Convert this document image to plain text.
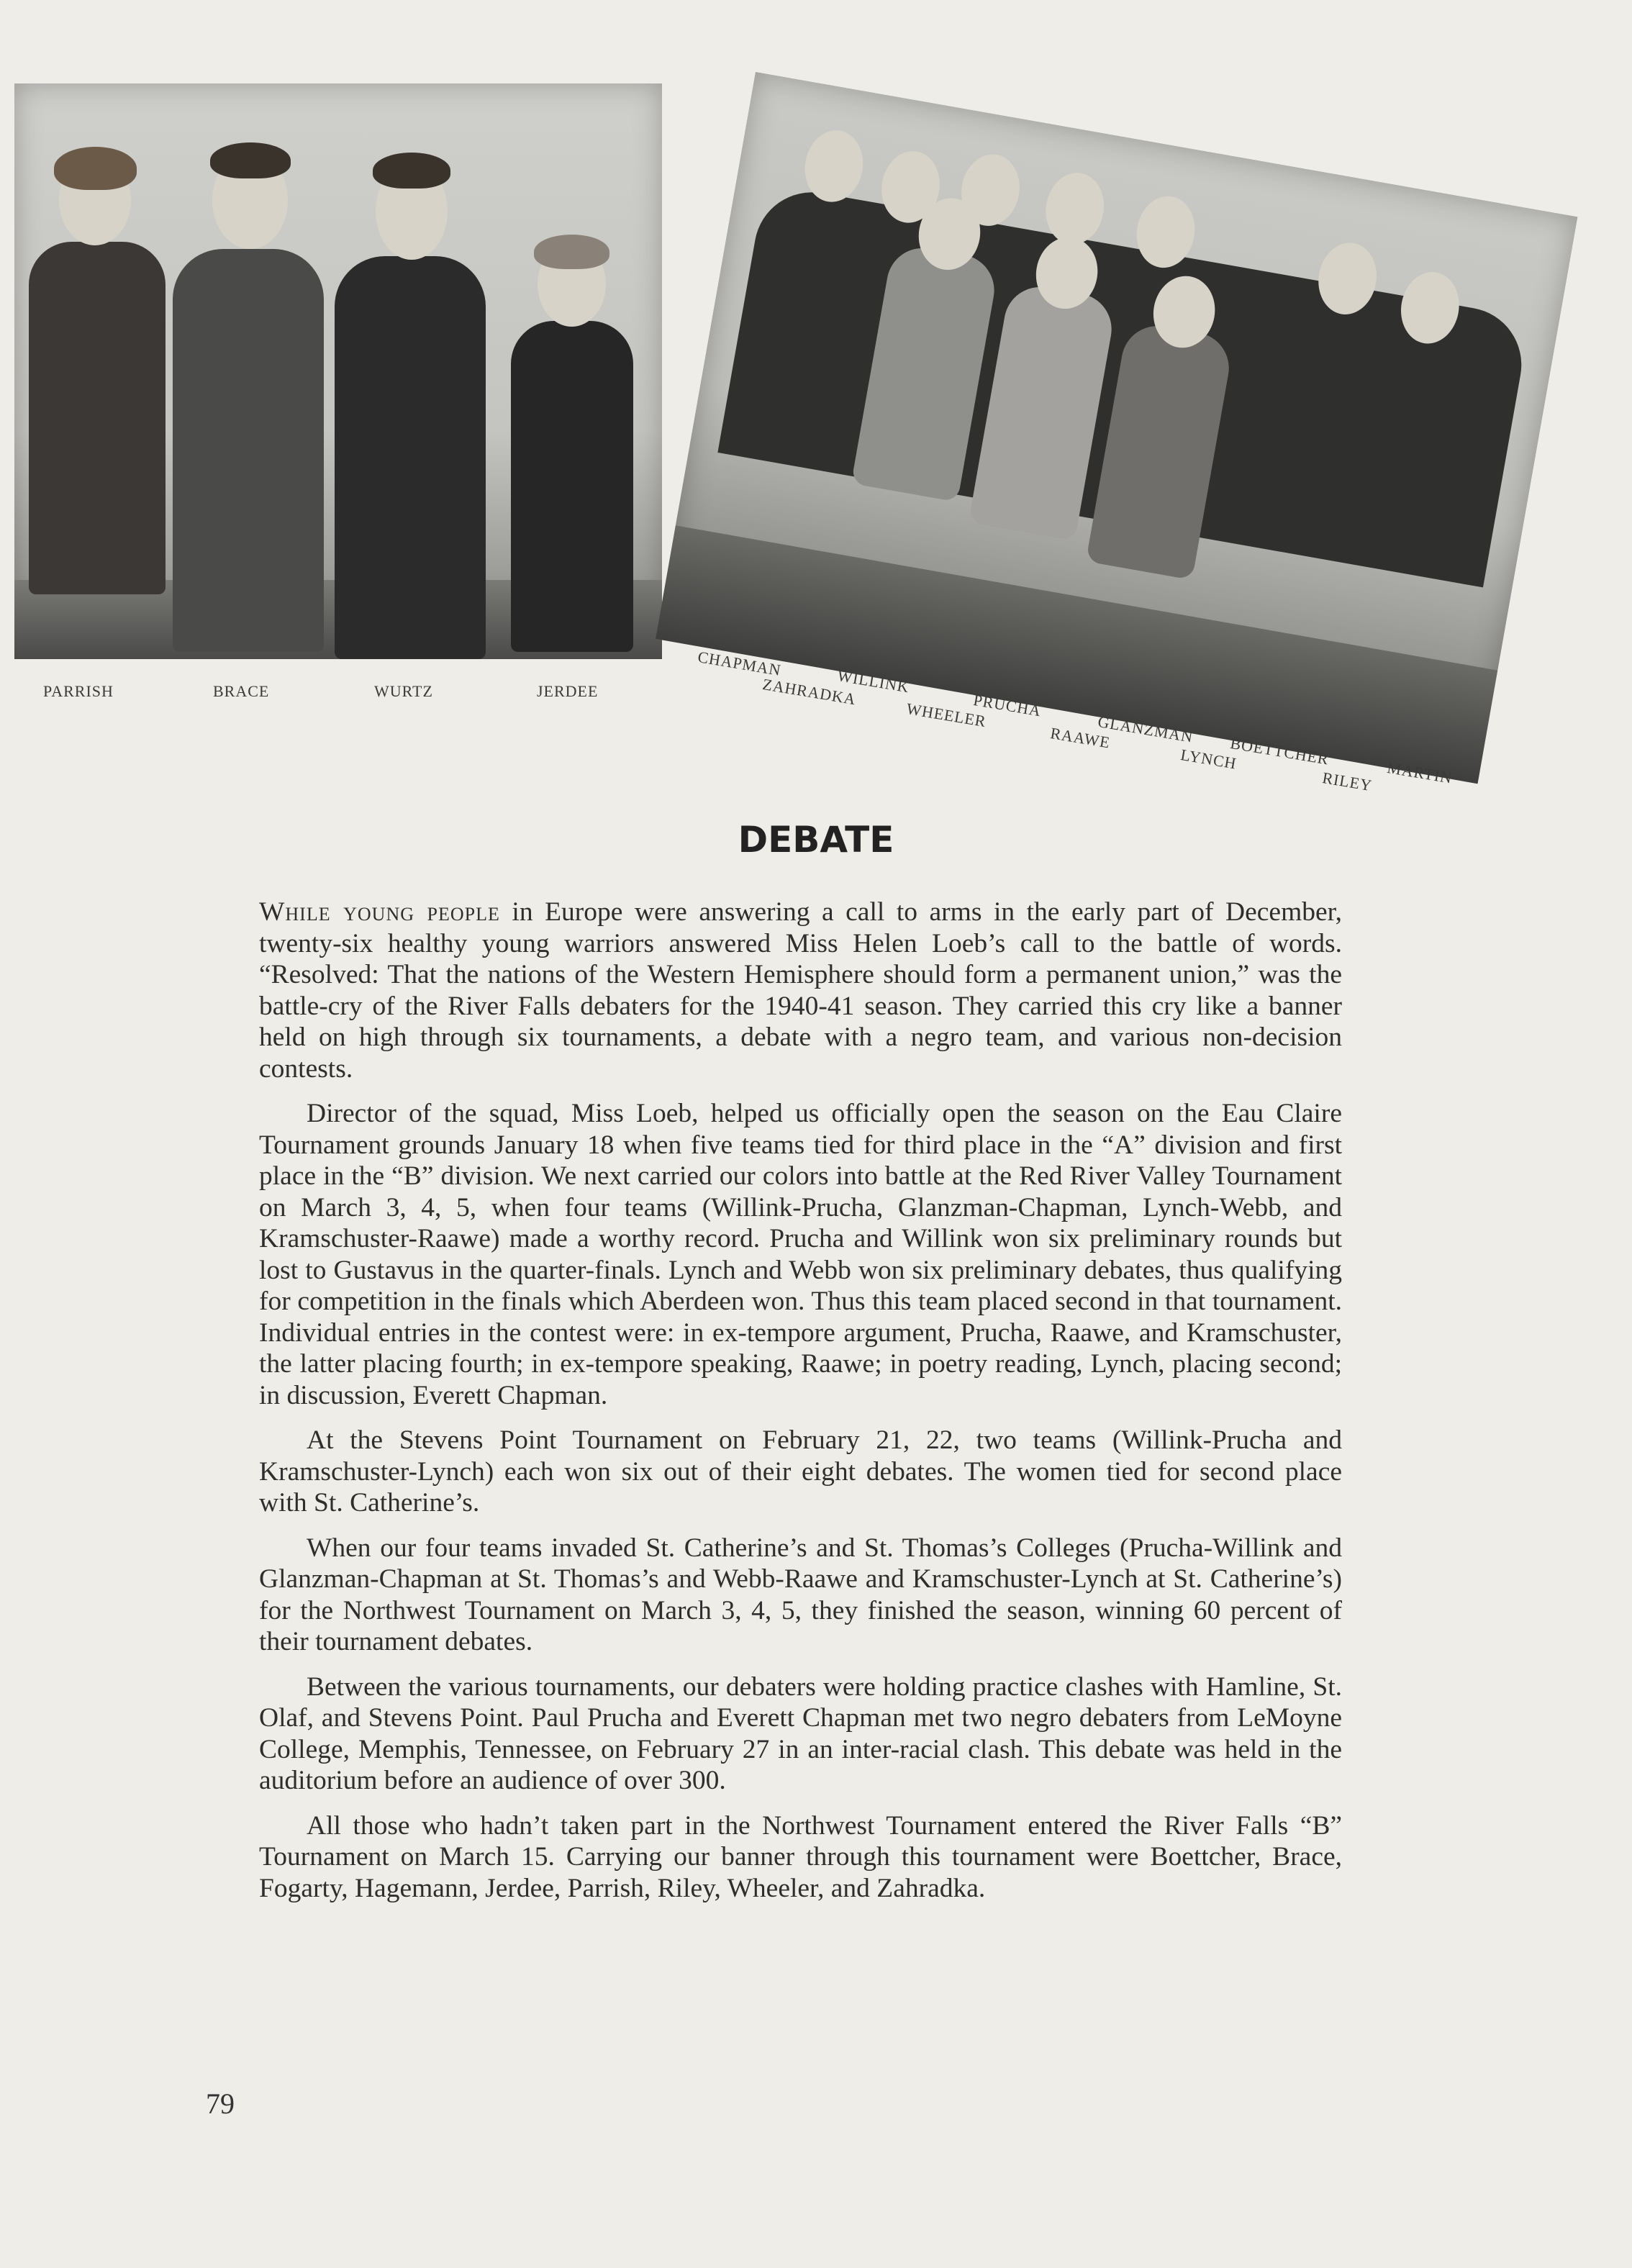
PARRISH	BRACE	WURTZ	JERDEE
CHAPMAN
ZAHRADKA
WILLINK
WHEELER
PRUCHA
RAAWE
GLANZMAN
LYNCH
BOETTCHER
RILEY MARTIN
DEBATE

While young people in Europe were answering a call to arms in the early part of December, twenty-six healthy young warriors answered Miss Helen Loeb’s call to the battle of words. “Resolved: That the nations of the Western Hemisphere should form a permanent union,” was the battle-cry of the River Falls debaters for the 1940-41 season. They carried this cry like a banner held on high through six tournaments, a debate with a negro team, and various non-decision contests.

Director of the squad, Miss Loeb, helped us officially open the season on the Eau Claire Tournament grounds January 18 when five teams tied for third place in the “A” division and first place in the “B” division. We next carried our colors into battle at the Red River Valley Tournament on March 3, 4, 5, when four teams (Willink-Prucha, Glanzman-Chapman, Lynch-Webb, and Kramschuster-Raawe) made a worthy record. Prucha and Willink won six preliminary rounds but lost to Gustavus in the quarter-finals. Lynch and Webb won six preliminary debates, thus qualifying for competition in the finals which Aberdeen won. Thus this team placed second in that tournament. Individual entries in the contest were: in ex-tempore argument, Prucha, Raawe, and Kramschuster, the latter placing fourth; in ex-tempore speaking, Raawe; in poetry reading, Lynch, placing second; in discussion, Everett Chapman.

At the Stevens Point Tournament on February 21, 22, two teams (Willink-Prucha and Kramschuster-Lynch) each won six out of their eight debates. The women tied for second place with St. Catherine’s.

When our four teams invaded St. Catherine’s and St. Thomas’s Colleges (Prucha-Willink and Glanzman-Chapman at St. Thomas’s and Webb-Raawe and Kramschuster-Lynch at St. Catherine’s) for the Northwest Tournament on March 3, 4, 5, they finished the season, winning 60 percent of their tournament debates.

Between the various tournaments, our debaters were holding practice clashes with Hamline, St. Olaf, and Stevens Point. Paul Prucha and Everett Chapman met two negro debaters from LeMoyne College, Memphis, Tennessee, on February 27 in an inter-racial clash. This debate was held in the auditorium before an audience of over 300.

All those who hadn’t taken part in the Northwest Tournament entered the River Falls “B” Tournament on March 15. Carrying our banner through this tournament were Boettcher, Brace, Fogarty, Hagemann, Jerdee, Parrish, Riley, Wheeler, and Zahradka.

79
